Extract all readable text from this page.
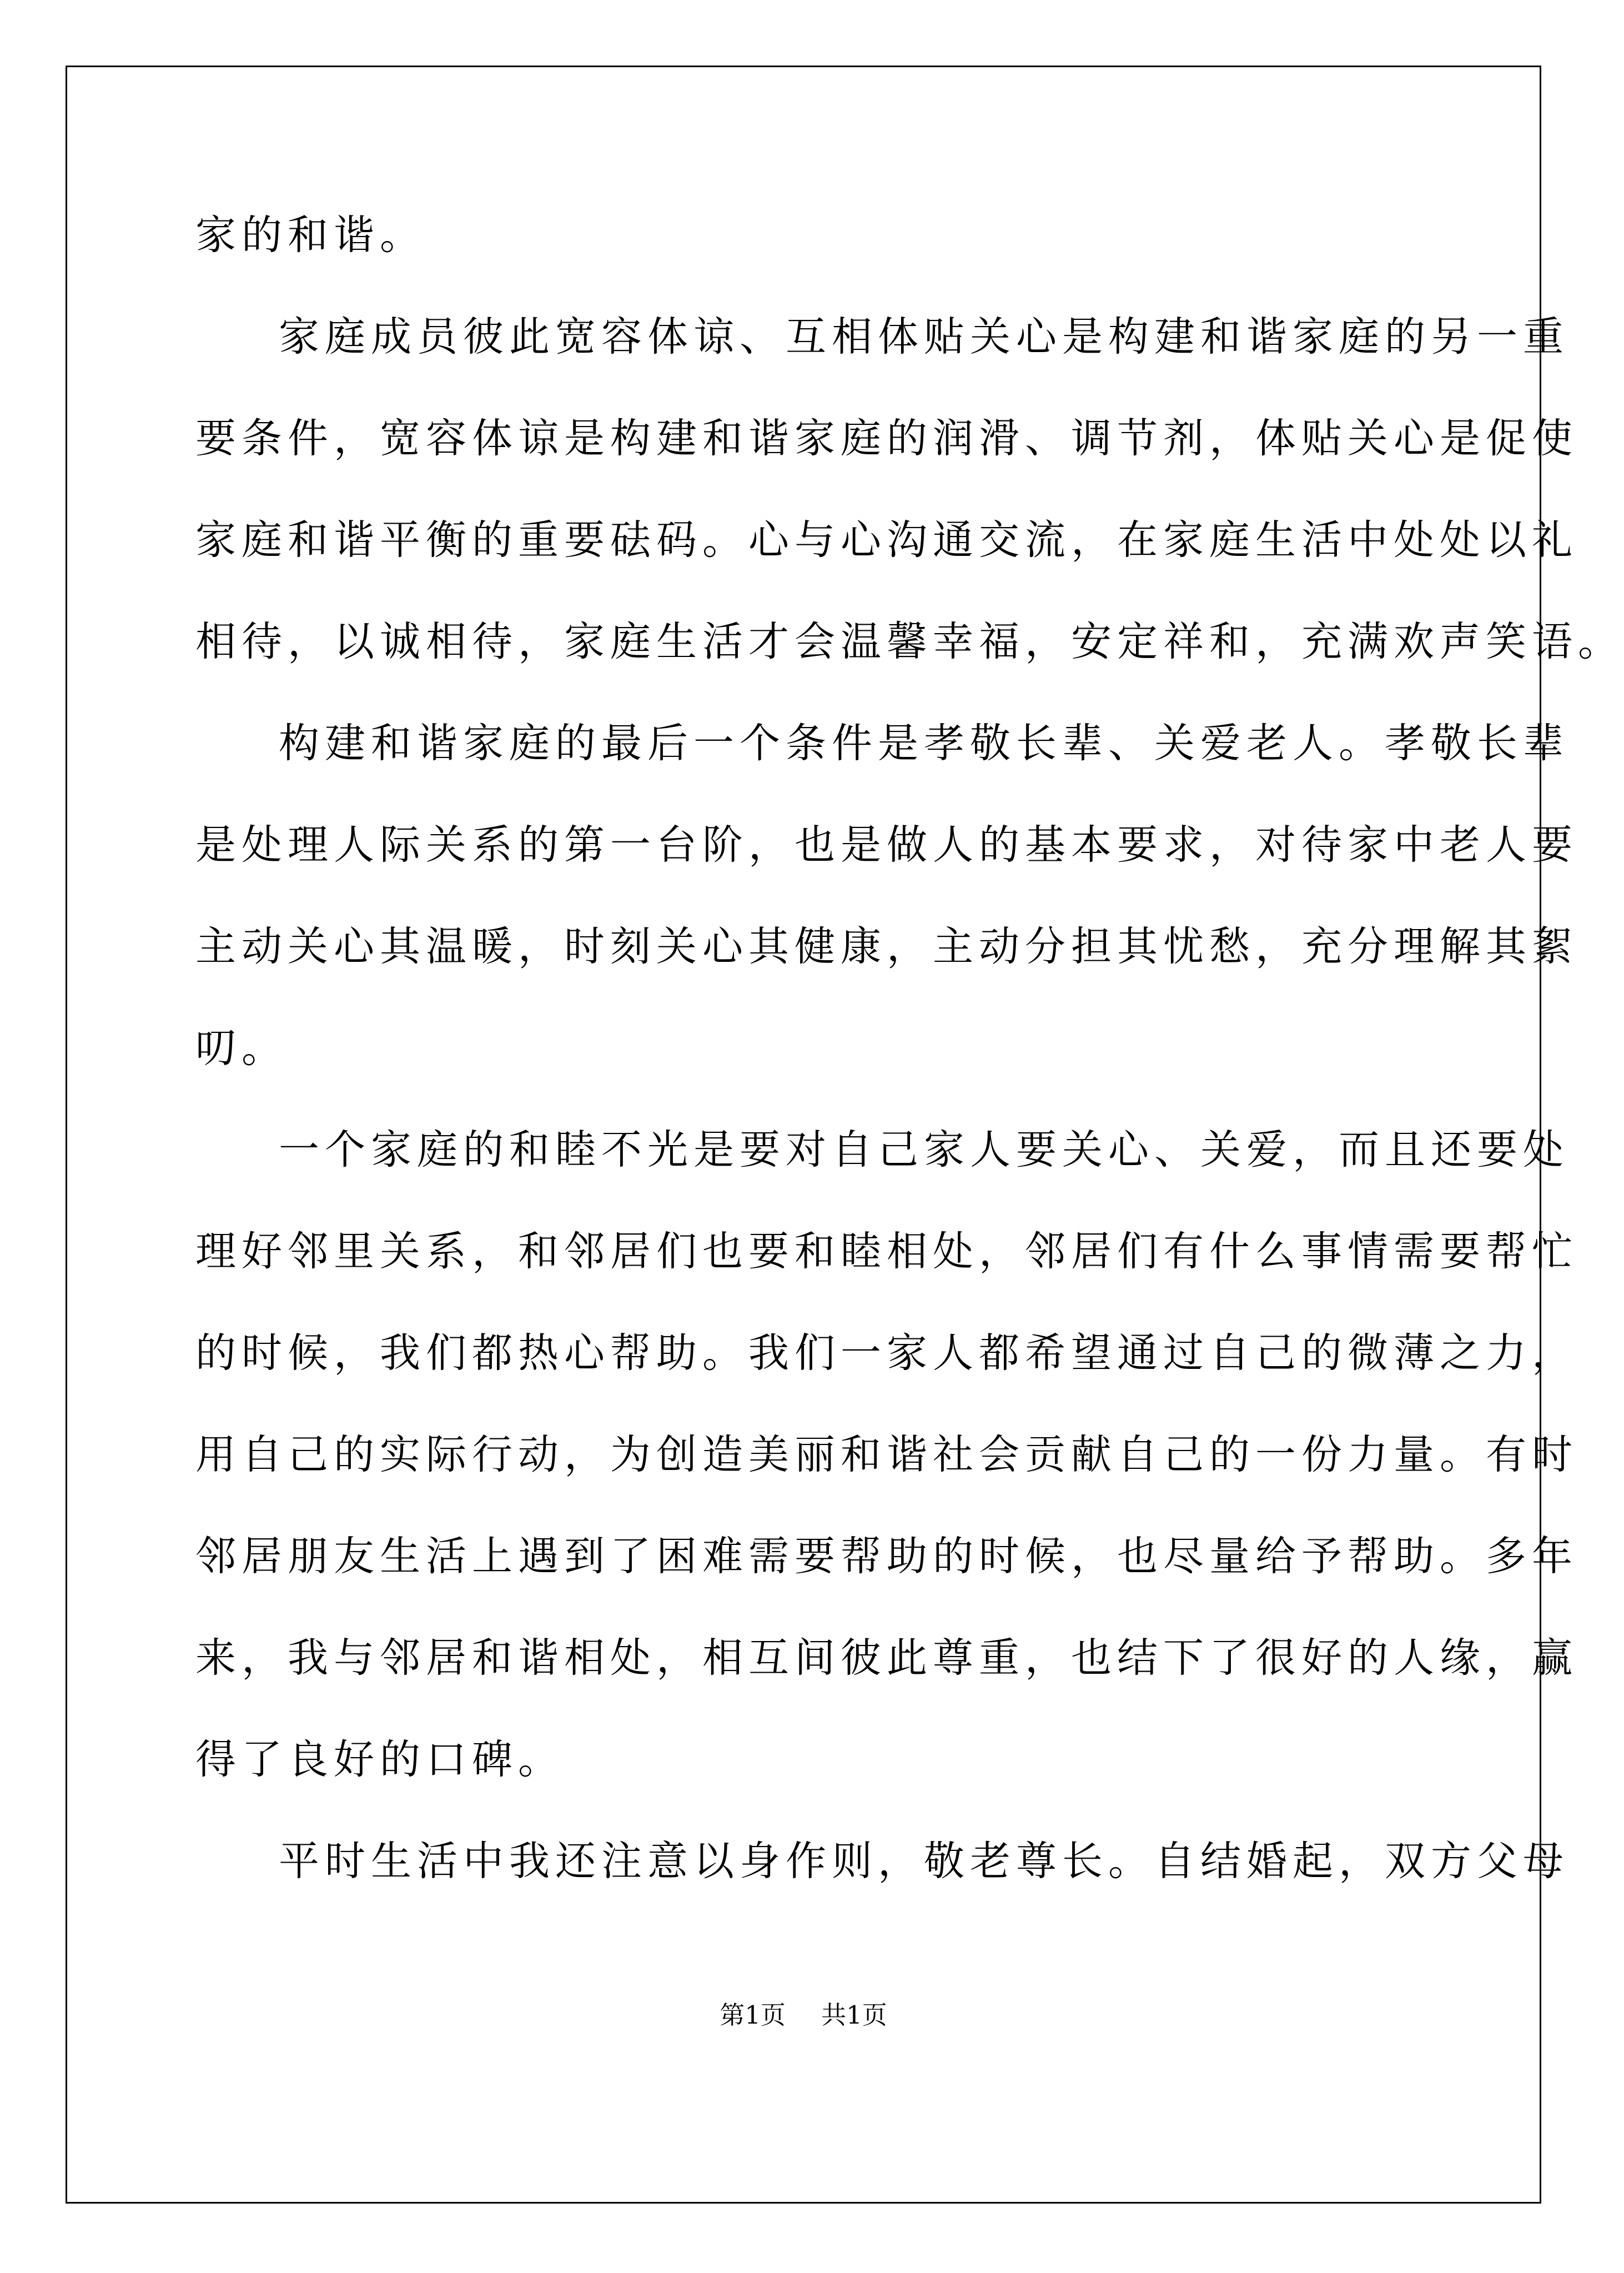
家的和谐。
家庭成员彼此宽容体谅、互相体贴关心是构建和谐家庭的另一重
要条件，宽容体谅是构建和谐家庭的润滑、调节剂，体贴关心是促使
家庭和谐平衡的重要砝码。心与心沟通交流，在家庭生活中处处以礼
相待，以诚相待，家庭生活才会温馨幸福，安定祥和，充满欢声笑语。
构建和谐家庭的最后一个条件是孝敬长辈、关爱老人。孝敬长辈
是处理人际关系的第一台阶，也是做人的基本要求，对待家中老人要
主动关心其温暖，时刻关心其健康，主动分担其忧愁，充分理解其絮
叨。
一个家庭的和睦不光是要对自己家人要关心、关爱，而且还要处
理好邻里关系，和邻居们也要和睦相处，邻居们有什么事情需要帮忙
的时候，我们都热心帮助。我们一家人都希望通过自己的微薄之力，
用自己的实际行动，为创造美丽和谐社会贡献自己的一份力量。有时
邻居朋友生活上遇到了困难需要帮助的时候，也尽量给予帮助。多年
来，我与邻居和谐相处，相互间彼此尊重，也结下了很好的人缘，赢
得了良好的口碑。
平时生活中我还注意以身作则，敬老尊长。自结婚起，双方父母
第1页 共1页
